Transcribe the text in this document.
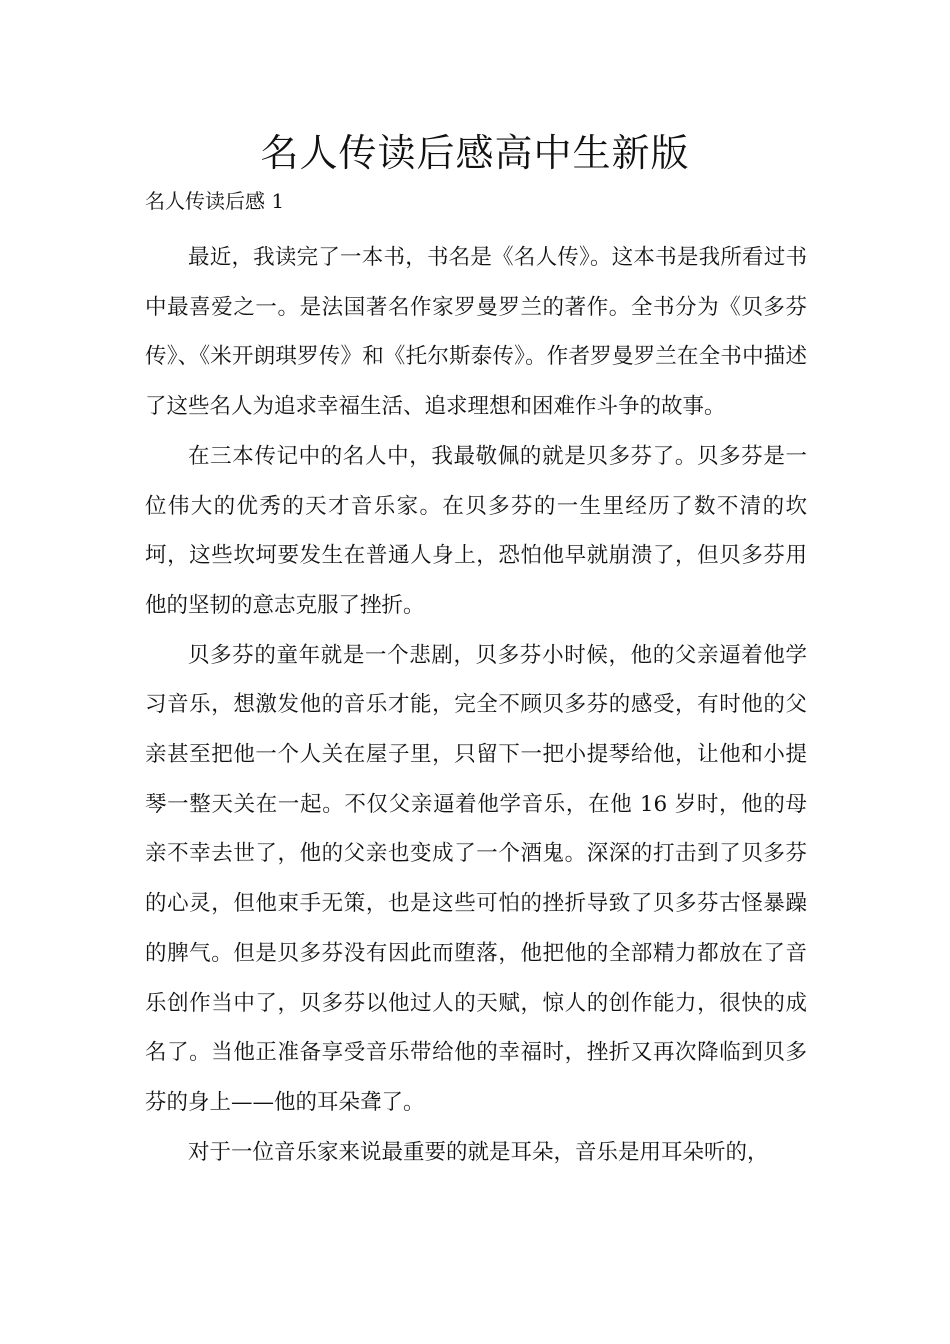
名人传读后感高中生新版
名人传读后感 1

最近，我读完了一本书，书名是《名人传》。这本书是我所看过书中最喜爱之一。是法国著名作家罗曼罗兰的著作。全书分为《贝多芬传》、《米开朗琪罗传》和《托尔斯泰传》。作者罗曼罗兰在全书中描述了这些名人为追求幸福生活、追求理想和困难作斗争的故事。

在三本传记中的名人中，我最敬佩的就是贝多芬了。贝多芬是一位伟大的优秀的天才音乐家。在贝多芬的一生里经历了数不清的坎坷，这些坎坷要发生在普通人身上，恐怕他早就崩溃了，但贝多芬用他的坚韧的意志克服了挫折。

贝多芬的童年就是一个悲剧，贝多芬小时候，他的父亲逼着他学习音乐，想激发他的音乐才能，完全不顾贝多芬的感受，有时他的父亲甚至把他一个人关在屋子里，只留下一把小提琴给他，让他和小提琴一整天关在一起。不仅父亲逼着他学音乐，在他 16 岁时，他的母亲不幸去世了，他的父亲也变成了一个酒鬼。深深的打击到了贝多芬的心灵，但他束手无策，也是这些可怕的挫折导致了贝多芬古怪暴躁的脾气。但是贝多芬没有因此而堕落，他把他的全部精力都放在了音乐创作当中了，贝多芬以他过人的天赋，惊人的创作能力，很快的成名了。当他正准备享受音乐带给他的幸福时，挫折又再次降临到贝多芬的身上——他的耳朵聋了。

对于一位音乐家来说最重要的就是耳朵，音乐是用耳朵听的，
